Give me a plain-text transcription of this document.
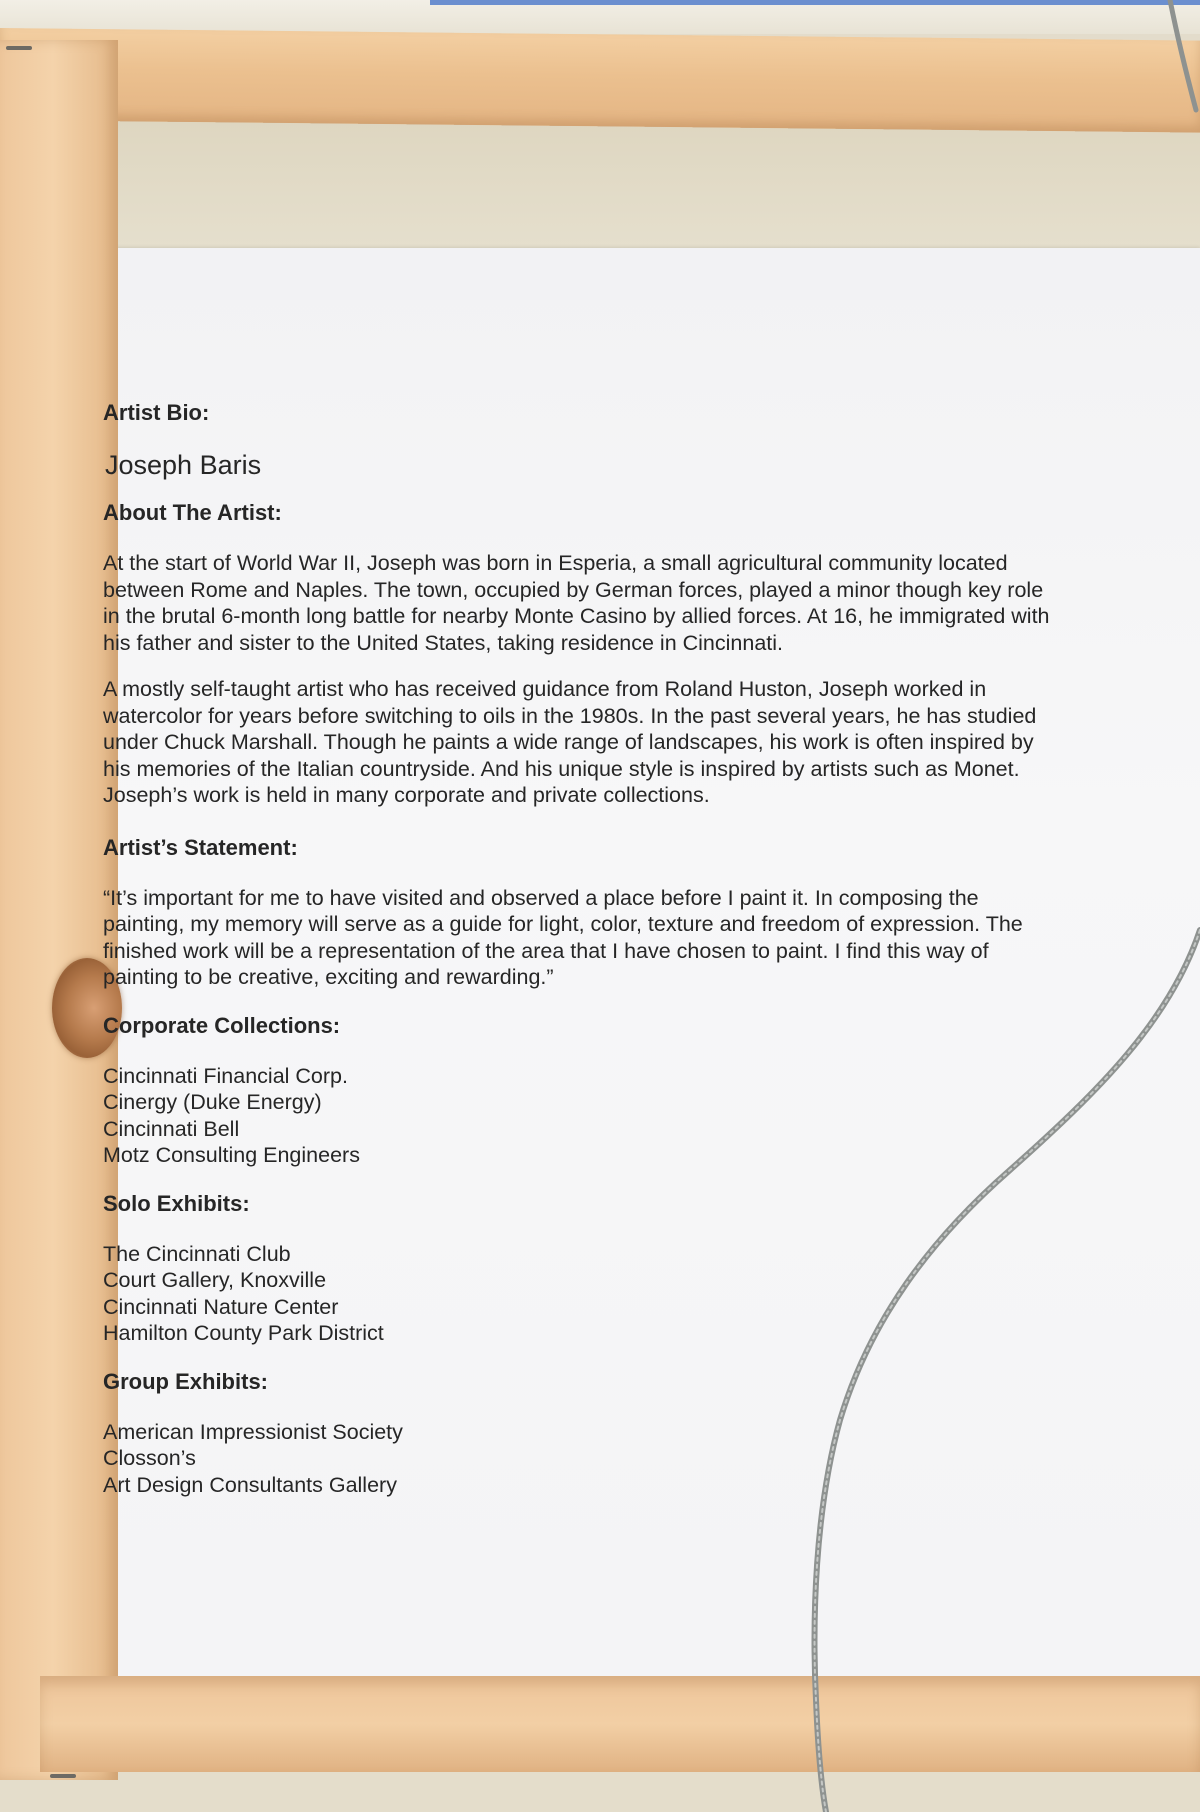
Artist Bio:
Joseph Baris
About The Artist:

At the start of World War II, Joseph was born in Esperia, a small agricultural community located between Rome and Naples. The town, occupied by German forces, played a minor though key role in the brutal 6-month long battle for nearby Monte Casino by allied forces. At 16, he immigrated with his father and sister to the United States, taking residence in Cincinnati.

A mostly self-taught artist who has received guidance from Roland Huston, Joseph worked in watercolor for years before switching to oils in the 1980s. In the past several years, he has studied under Chuck Marshall. Though he paints a wide range of landscapes, his work is often inspired by his memories of the Italian countryside. And his unique style is inspired by artists such as Monet. Joseph’s work is held in many corporate and private collections.

Artist’s Statement:

“It’s important for me to have visited and observed a place before I paint it. In composing the painting, my memory will serve as a guide for light, color, texture and freedom of expression. The finished work will be a representation of the area that I have chosen to paint. I find this way of painting to be creative, exciting and rewarding.”

Corporate Collections:
Cincinnati Financial Corp.
Cinergy (Duke Energy)
Cincinnati Bell
Motz Consulting Engineers
Solo Exhibits:
The Cincinnati Club
Court Gallery, Knoxville
Cincinnati Nature Center
Hamilton County Park District
Group Exhibits:
American Impressionist Society
Closson’s
Art Design Consultants Gallery
